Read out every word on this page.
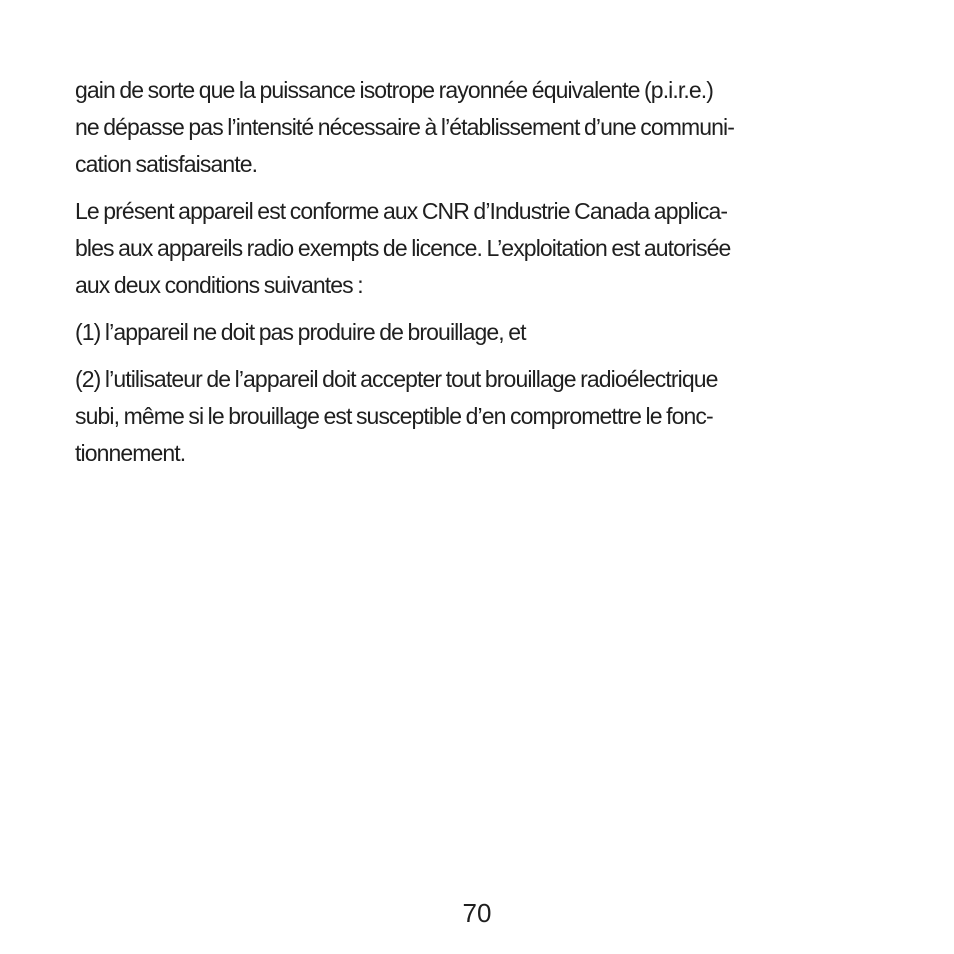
gain de sorte que la puissance isotrope rayonnée équivalente (p.i.r.e.)
ne dépasse pas l’intensité nécessaire à l’établissement d’une communi-
cation satisfaisante.

Le présent appareil est conforme aux CNR d’Industrie Canada applica-
bles aux appareils radio exempts de licence. L’exploitation est autorisée
aux deux conditions suivantes :

(1) l’appareil ne doit pas produire de brouillage, et

(2) l’utilisateur de l’appareil doit accepter tout brouillage radioélectrique
subi, même si le brouillage est susceptible d’en compromettre le fonc-
tionnement.

70
